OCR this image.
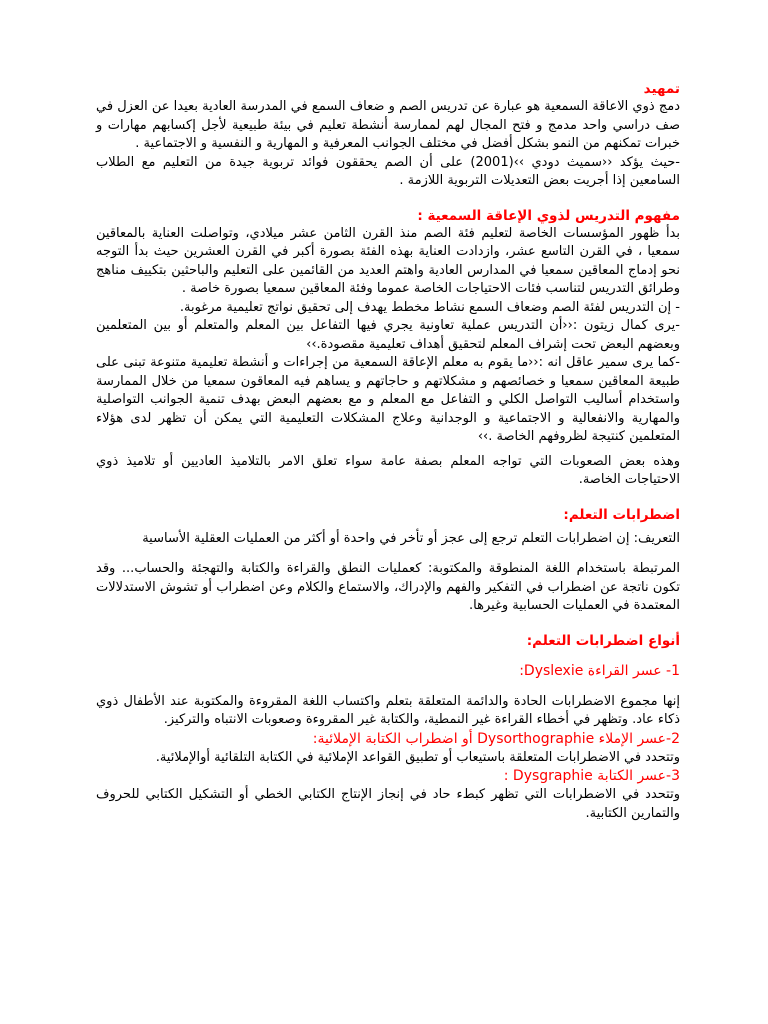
تمهيد

دمج ذوي الاعاقة السمعية هو عبارة عن تدريس الصم و ضعاف السمع في المدرسة العادية بعيدا عن العزل في صف دراسي واحد مدمج و فتح المجال لهم لممارسة أنشطة تعليم في بيئة طبيعية لأجل إكسابهم مهارات و خبرات تمكنهم من النمو بشكل أفضل في مختلف الجوانب المعرفية و المهارية و النفسية و الاجتماعية .

-حيث يؤكد ‹‹سميث دودي ››(2001) على أن الصم يحققون فوائد تربوية جيدة من التعليم مع الطلاب السامعين إذا أجريت بعض التعديلات التربوية اللازمة .

مفهوم التدريس لذوي الإعاقة السمعية :

بدأ ظهور المؤسسات الخاصة لتعليم فئة الصم منذ القرن الثامن عشر ميلادي، وتواصلت العناية بالمعاقين سمعيا ، في القرن التاسع عشر، وازدادت العناية بهذه الفئة بصورة أكبر في القرن العشرين حيث بدأ التوجه نحو إدماج المعاقين سمعيا في المدارس العادية واهتم العديد من القائمين على التعليم والباحثين بتكييف مناهج وطرائق التدريس لتناسب فئات الاحتياجات الخاصة عموما وفئة المعاقين سمعيا بصورة خاصة .

- إن التدريس لفئة الصم وضعاف السمع نشاط مخطط يهدف إلى تحقيق نواتج تعليمية مرغوبة.

-يرى كمال زيتون :‹‹أن التدريس عملية تعاونية يجري فيها التفاعل بين المعلم والمتعلم أو بين المتعلمين وبعضهم البعض تحت إشراف المعلم لتحقيق أهداف تعليمية مقصودة.››

-كما يرى سمير عاقل انه :‹‹ما يقوم به معلم الإعاقة السمعية من إجراءات و أنشطة تعليمية متنوعة تبنى على طبيعة المعاقين سمعيا و خصائصهم و مشكلاتهم و حاجاتهم و يساهم فيه المعاقون سمعيا من خلال الممارسة واستخدام أساليب التواصل الكلي و التفاعل مع المعلم و مع بعضهم البعض بهدف تنمية الجوانب التواصلية والمهارية والانفعالية و الاجتماعية و الوجدانية وعلاج المشكلات التعليمية التي يمكن أن تظهر لدى هؤلاء المتعلمين كنتيجة لظروفهم الخاصة .››

وهذه بعض الصعوبات التي تواجه المعلم بصفة عامة سواء تعلق الامر بالتلاميذ العاديين أو تلاميذ ذوي الاحتياجات الخاصة.

اضطرابات التعلم:

التعريف: إن اضطرابات التعلم ترجع إلى عجز أو تأخر في واحدة أو أكثر من العمليات العقلية الأساسية

المرتبطة باستخدام اللغة المنطوقة والمكتوبة: كعمليات النطق والقراءة والكتابة والتهجئة والحساب... وقد تكون ناتجة عن اضطراب في التفكير والفهم والإدراك، والاستماع والكلام وعن اضطراب أو تشوش الاستدلالات المعتمدة في العمليات الحسابية وغيرها.

أنواع اضطرابات التعلم:

1- عسر القراءة Dyslexie:

إنها مجموع الاضطرابات الحادة والدائمة المتعلقة بتعلم واكتساب اللغة المقروءة والمكتوبة عند الأطفال ذوي ذكاء عاد. وتظهر في أخطاء القراءة غير النمطية، والكتابة غير المقروءة وصعوبات الانتباه والتركيز.

2-عسر الإملاء Dysorthographie أو اضطراب الكتابة الإملائية:

وتتحدد في الاضطرابات المتعلقة باستيعاب أو تطبيق القواعد الإملائية في الكتابة التلقائية أوالإملائية.

3-عسر الكتابة Dysgraphie :

وتتحدد في الاضطرابات التي تظهر كبطء حاد في إنجاز الإنتاج الكتابي الخطي أو التشكيل الكتابي للحروف والتمارين الكتابية.
